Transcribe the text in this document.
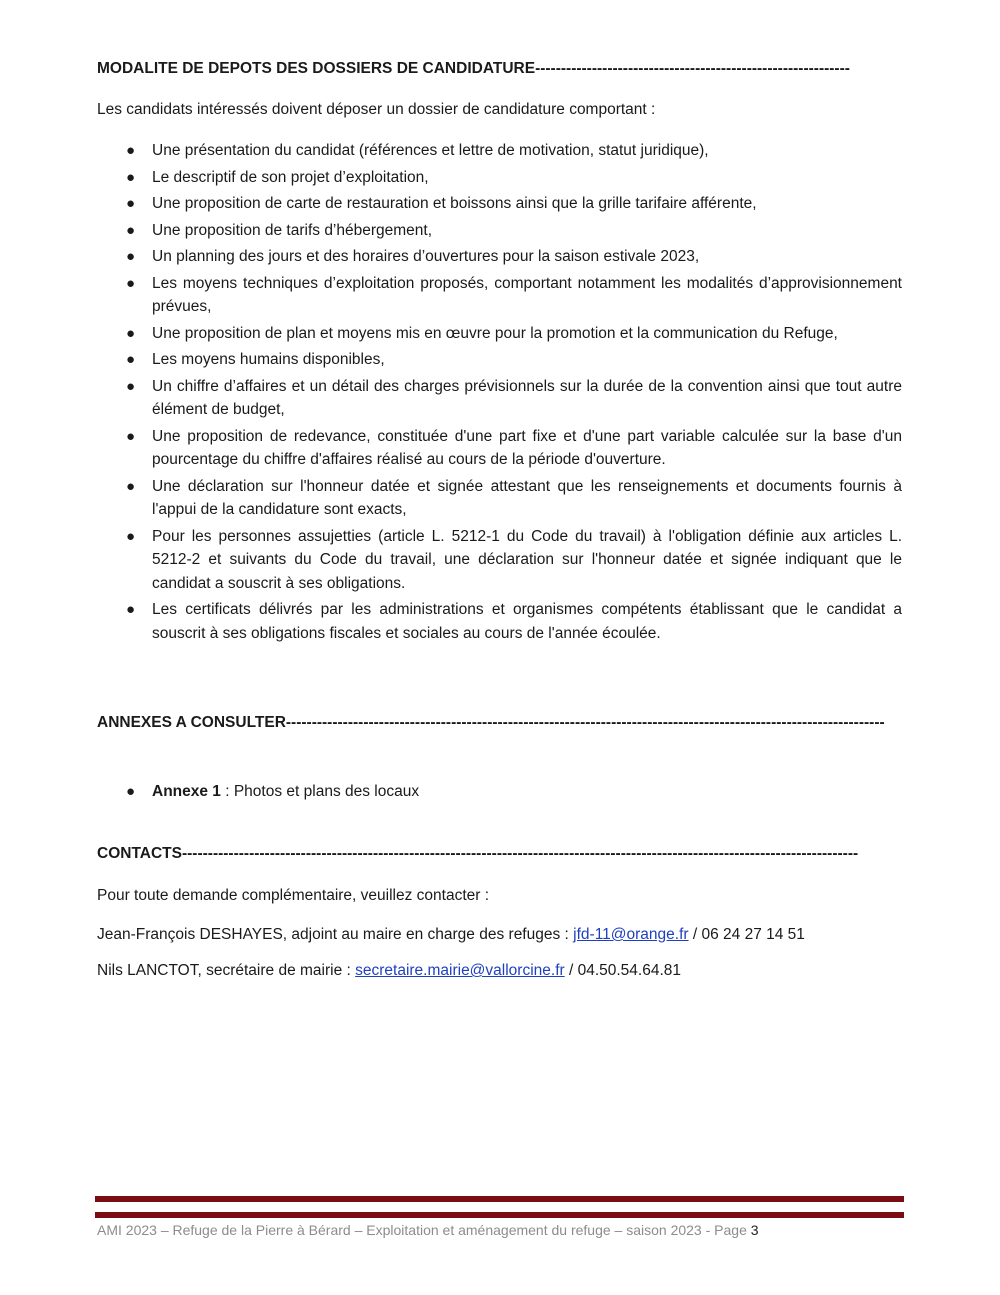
MODALITE DE DEPOTS DES DOSSIERS DE CANDIDATURE-------------------------------------------------------------
Les candidats intéressés doivent déposer un dossier de candidature comportant :
● Une présentation du candidat (références et lettre de motivation, statut juridique),
● Le descriptif de son projet d’exploitation,
● Une proposition de carte de restauration et boissons ainsi que la grille tarifaire afférente,
● Une proposition de tarifs d’hébergement,
● Un planning des jours et des horaires d’ouvertures pour la saison estivale 2023,
● Les moyens techniques d’exploitation proposés, comportant notamment les modalités d’approvisionnement prévues,
● Une proposition de plan et moyens mis en œuvre pour la promotion et la communication du Refuge,
● Les moyens humains disponibles,
● Un chiffre d’affaires et un détail des charges prévisionnels sur la durée de la convention ainsi que tout autre élément de budget,
● Une proposition de redevance, constituée d'une part fixe et d'une part variable calculée sur la base d'un pourcentage du chiffre d'affaires réalisé au cours de la période d'ouverture.
● Une déclaration sur l'honneur datée et signée attestant que les renseignements et documents fournis à l'appui de la candidature sont exacts,
● Pour les personnes assujetties (article L. 5212-1 du Code du travail) à l'obligation définie aux articles L. 5212-2 et suivants du Code du travail, une déclaration sur l'honneur datée et signée indiquant que le candidat a souscrit à ses obligations.
● Les certificats délivrés par les administrations et organismes compétents établissant que le candidat a souscrit à ses obligations fiscales et sociales au cours de l'année écoulée.
ANNEXES A CONSULTER--------------------------------------------------------------------------------------------------------------------
● Annexe 1 : Photos et plans des locaux
CONTACTS-----------------------------------------------------------------------------------------------------------------------------------
Pour toute demande complémentaire, veuillez contacter :
Jean-François DESHAYES, adjoint au maire en charge des refuges : jfd-11@orange.fr / 06 24 27 14 51
Nils LANCTOT, secrétaire de mairie : secretaire.mairie@vallorcine.fr / 04.50.54.64.81
AMI 2023 – Refuge de la Pierre à Bérard – Exploitation et aménagement du refuge – saison 2023 - Page 3
